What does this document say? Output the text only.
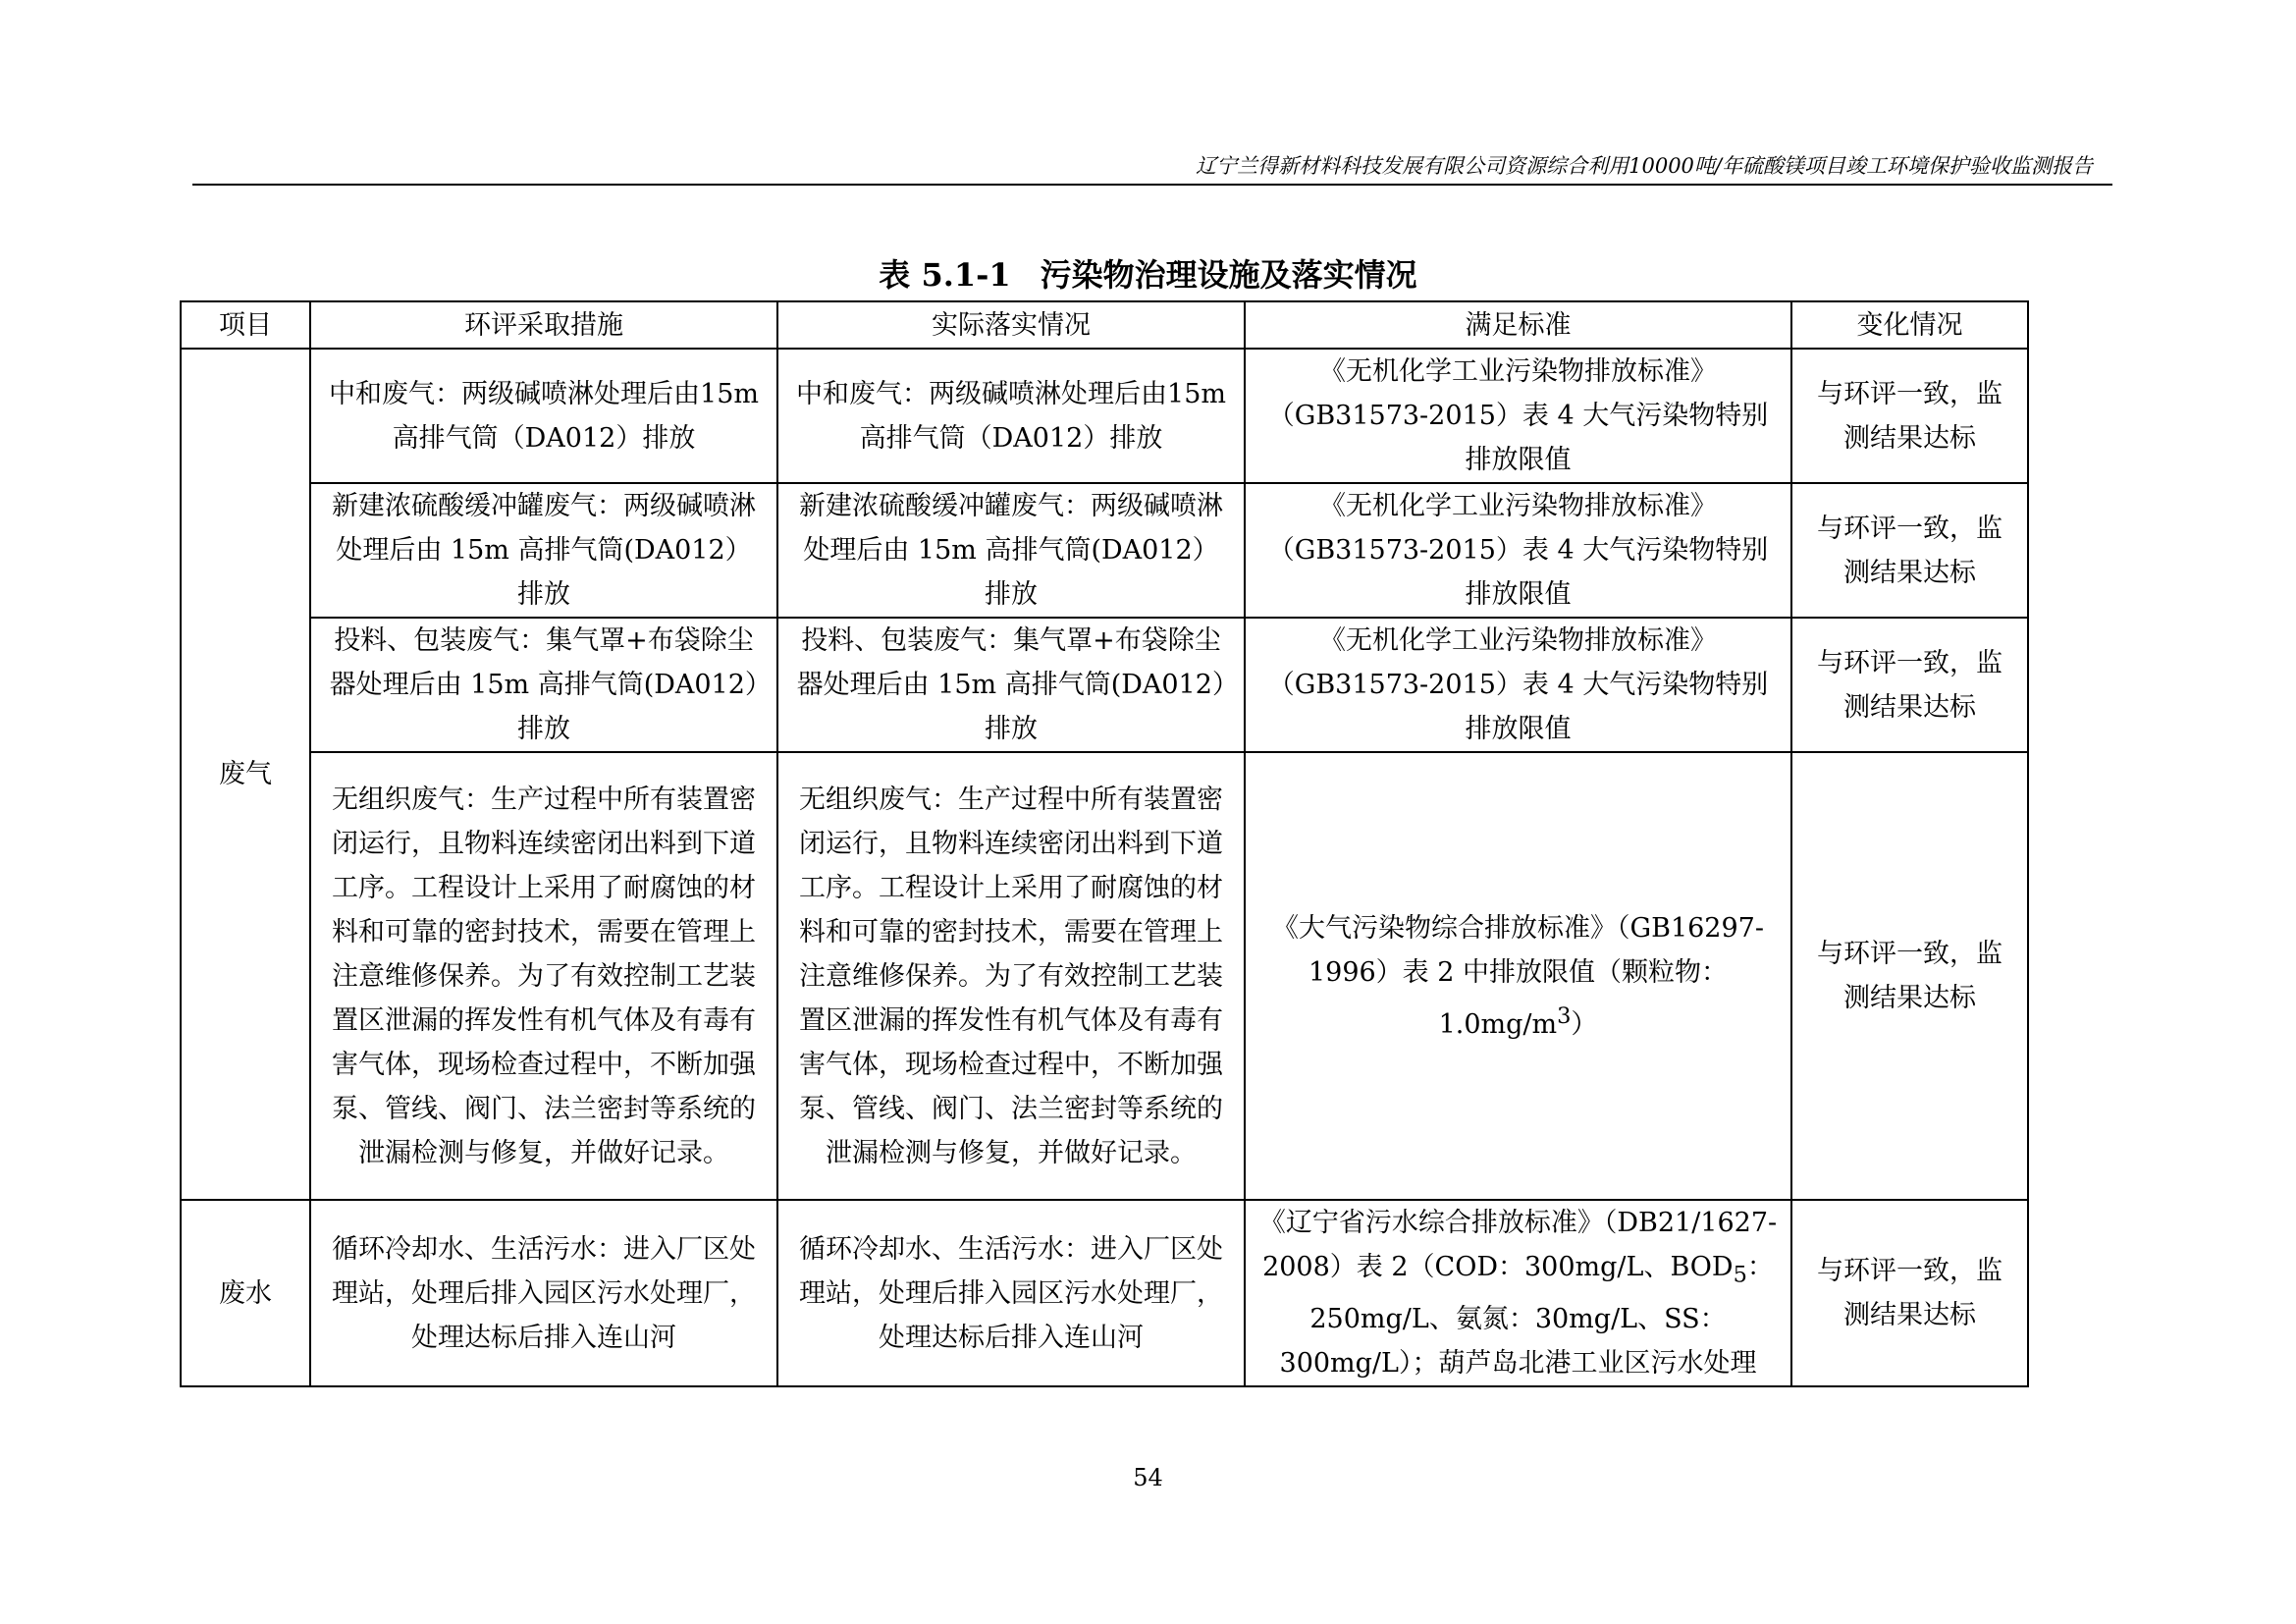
辽宁兰得新材料科技发展有限公司资源综合利用10000吨/年硫酸镁项目竣工环境保护验收监测报告
表 5.1-1 污染物治理设施及落实情况
项目	环评采取措施	实际落实情况	满足标准	变化情况
废气	中和废气：两级碱喷淋处理后由15m 高排气筒（DA012）排放	中和废气：两级碱喷淋处理后由15m 高排气筒（DA012）排放	《无机化学工业污染物排放标准》（GB31573-2015）表 4 大气污染物特别排放限值	与环评一致，监测结果达标
	新建浓硫酸缓冲罐废气：两级碱喷淋处理后由 15m 高排气筒(DA012）排放	新建浓硫酸缓冲罐废气：两级碱喷淋处理后由 15m 高排气筒(DA012）排放	《无机化学工业污染物排放标准》（GB31573-2015）表 4 大气污染物特别排放限值	与环评一致，监测结果达标
	投料、包装废气：集气罩+布袋除尘器处理后由 15m 高排气筒(DA012）排放	投料、包装废气：集气罩+布袋除尘器处理后由 15m 高排气筒(DA012）排放	《无机化学工业污染物排放标准》（GB31573-2015）表 4 大气污染物特别排放限值	与环评一致，监测结果达标
	无组织废气：生产过程中所有装置密闭运行，且物料连续密闭出料到下道工序。工程设计上采用了耐腐蚀的材料和可靠的密封技术，需要在管理上注意维修保养。为了有效控制工艺装置区泄漏的挥发性有机气体及有毒有害气体，现场检查过程中，不断加强泵、管线、阀门、法兰密封等系统的泄漏检测与修复，并做好记录。	无组织废气：生产过程中所有装置密闭运行，且物料连续密闭出料到下道工序。工程设计上采用了耐腐蚀的材料和可靠的密封技术，需要在管理上注意维修保养。为了有效控制工艺装置区泄漏的挥发性有机气体及有毒有害气体，现场检查过程中，不断加强泵、管线、阀门、法兰密封等系统的泄漏检测与修复，并做好记录。	《大气污染物综合排放标准》（GB16297-1996）表 2 中排放限值（颗粒物：$1.0mg/m^3$）	与环评一致，监测结果达标
废水	循环冷却水、生活污水：进入厂区处理站，处理后排入园区污水处理厂，处理达标后排入连山河	循环冷却水、生活污水：进入厂区处理站，处理后排入园区污水处理厂，处理达标后排入连山河	《辽宁省污水综合排放标准》（DB21/1627-2008）表 2（COD：300mg/L、$BOD_5$：250mg/L、氨氮：30mg/L、SS：300mg/L）；葫芦岛北港工业区污水处理	与环评一致，监测结果达标
54
